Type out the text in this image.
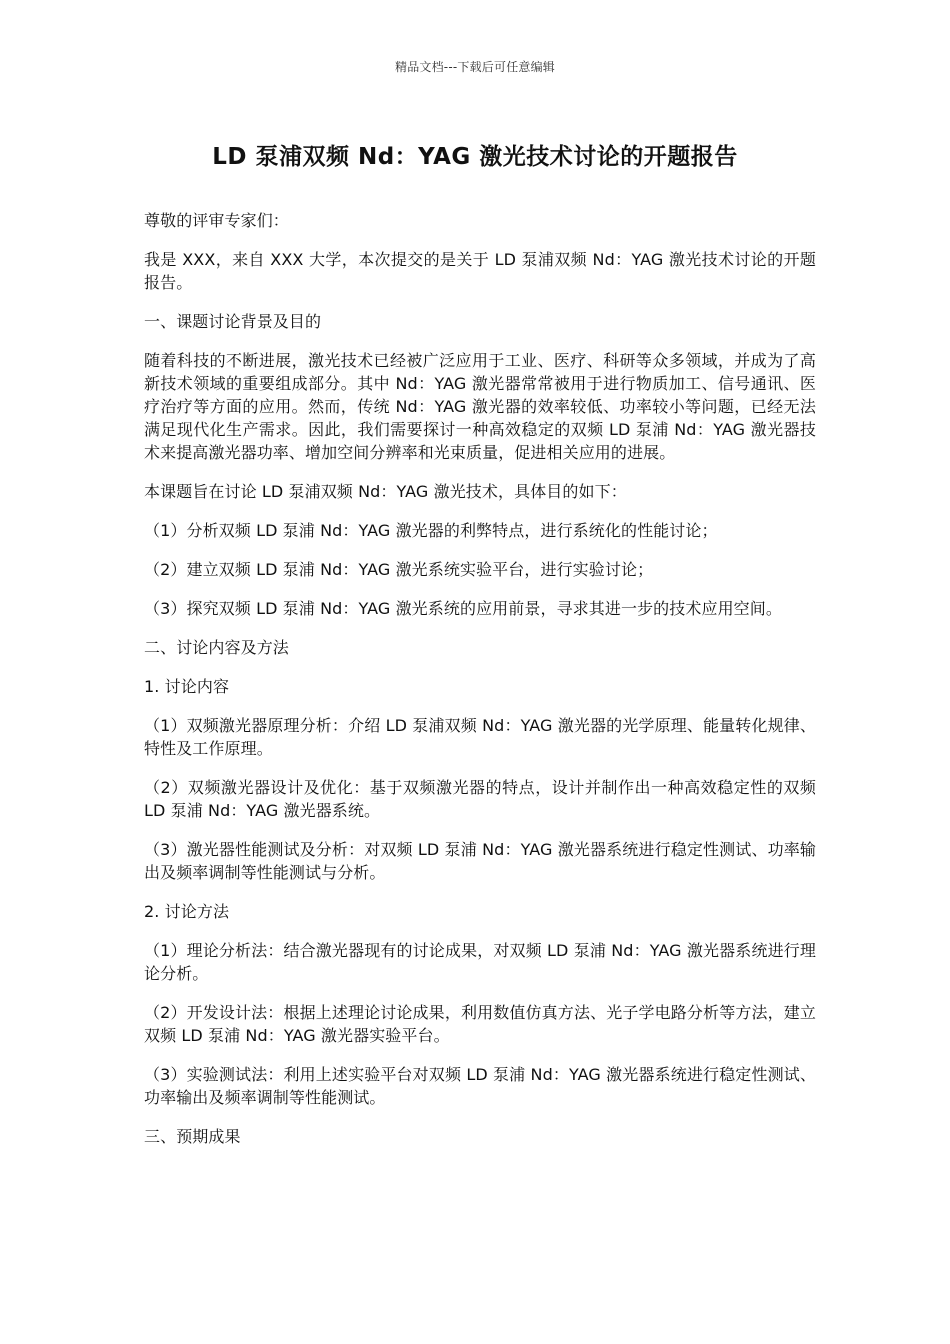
精品文档---下载后可任意编辑
LD 泵浦双频 Nd：YAG 激光技术讨论的开题报告

尊敬的评审专家们：

我是 XXX，来自 XXX 大学，本次提交的是关于 LD 泵浦双频 Nd：YAG 激光技术讨论的开题报告。

一、课题讨论背景及目的

随着科技的不断进展，激光技术已经被广泛应用于工业、医疗、科研等众多领域，并成为了高新技术领域的重要组成部分。其中 Nd：YAG 激光器常常被用于进行物质加工、信号通讯、医疗治疗等方面的应用。然而，传统 Nd：YAG 激光器的效率较低、功率较小等问题，已经无法满足现代化生产需求。因此，我们需要探讨一种高效稳定的双频 LD 泵浦 Nd：YAG 激光器技术来提高激光器功率、增加空间分辨率和光束质量，促进相关应用的进展。

本课题旨在讨论 LD 泵浦双频 Nd：YAG 激光技术，具体目的如下：

（1）分析双频 LD 泵浦 Nd：YAG 激光器的利弊特点，进行系统化的性能讨论；

（2）建立双频 LD 泵浦 Nd：YAG 激光系统实验平台，进行实验讨论；

（3）探究双频 LD 泵浦 Nd：YAG 激光系统的应用前景，寻求其进一步的技术应用空间。

二、讨论内容及方法

1. 讨论内容

（1）双频激光器原理分析：介绍 LD 泵浦双频 Nd：YAG 激光器的光学原理、能量转化规律、特性及工作原理。

（2）双频激光器设计及优化：基于双频激光器的特点，设计并制作出一种高效稳定性的双频 LD 泵浦 Nd：YAG 激光器系统。

（3）激光器性能测试及分析：对双频 LD 泵浦 Nd：YAG 激光器系统进行稳定性测试、功率输出及频率调制等性能测试与分析。

2. 讨论方法

（1）理论分析法：结合激光器现有的讨论成果，对双频 LD 泵浦 Nd：YAG 激光器系统进行理论分析。

（2）开发设计法：根据上述理论讨论成果，利用数值仿真方法、光子学电路分析等方法，建立双频 LD 泵浦 Nd：YAG 激光器实验平台。

（3）实验测试法：利用上述实验平台对双频 LD 泵浦 Nd：YAG 激光器系统进行稳定性测试、功率输出及频率调制等性能测试。

三、预期成果
